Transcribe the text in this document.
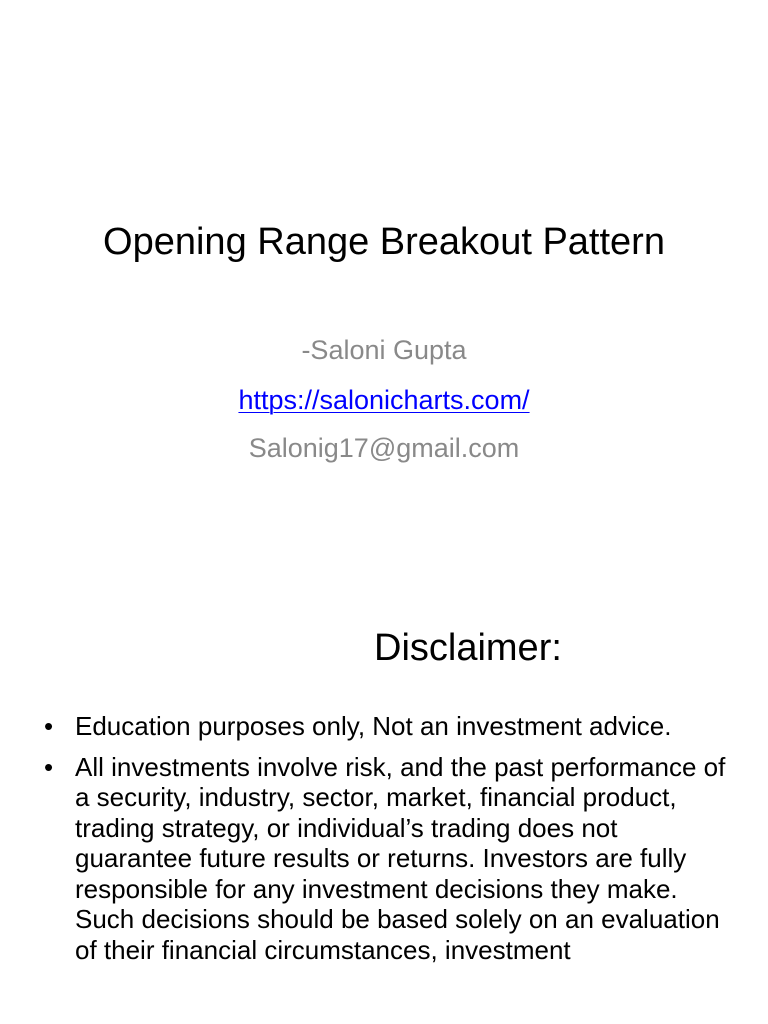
Opening Range Breakout Pattern
-Saloni Gupta
https://salonicharts.com/
Salonig17@gmail.com
Disclaimer:
• Education purposes only, Not an investment advice.
• All investments involve risk, and the past performance of a security, industry, sector, market, financial product, trading strategy, or individual’s trading does not guarantee future results or returns. Investors are fully responsible for any investment decisions they make. Such decisions should be based solely on an evaluation of their financial circumstances, investment
